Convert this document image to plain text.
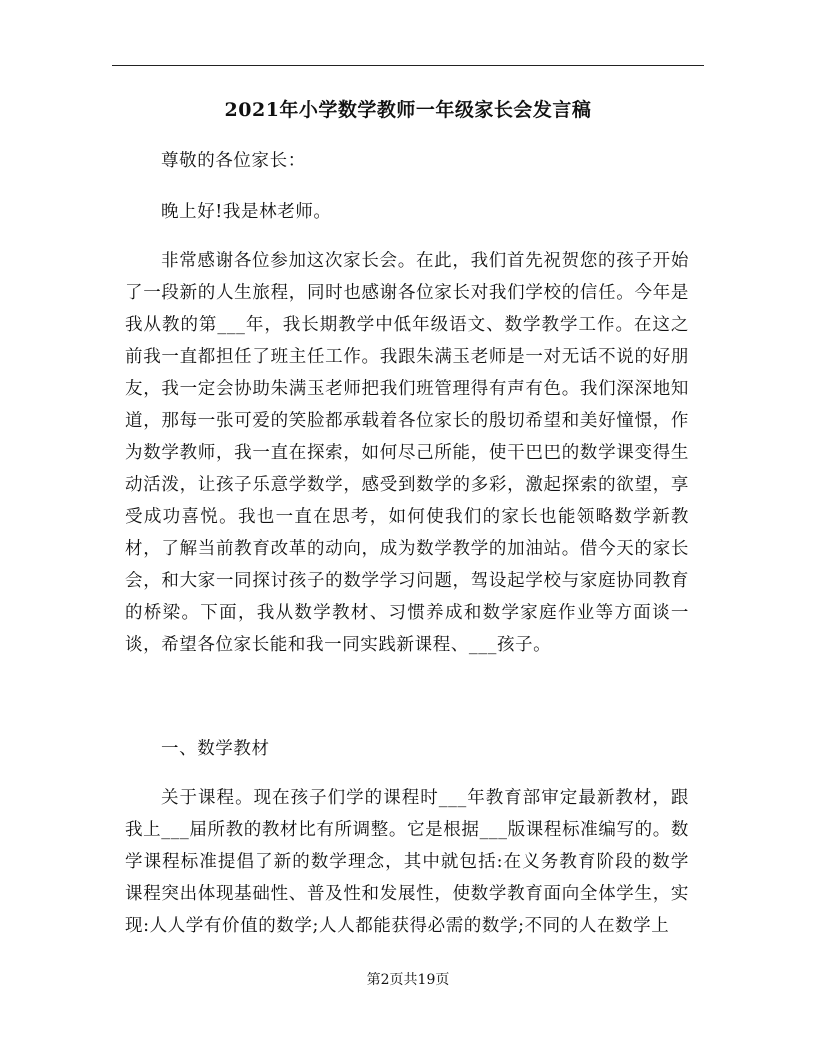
2021年小学数学教师一年级家长会发言稿

尊敬的各位家长：

晚上好!我是林老师。

非常感谢各位参加这次家长会。在此，我们首先祝贺您的孩子开始了一段新的人生旅程，同时也感谢各位家长对我们学校的信任。今年是我从教的第___年，我长期教学中低年级语文、数学教学工作。在这之前我一直都担任了班主任工作。我跟朱满玉老师是一对无话不说的好朋友，我一定会协助朱满玉老师把我们班管理得有声有色。我们深深地知道，那每一张可爱的笑脸都承载着各位家长的殷切希望和美好憧憬，作为数学教师，我一直在探索，如何尽己所能，使干巴巴的数学课变得生动活泼，让孩子乐意学数学，感受到数学的多彩，激起探索的欲望，享受成功喜悦。我也一直在思考，如何使我们的家长也能领略数学新教材，了解当前教育改革的动向，成为数学教学的加油站。借今天的家长会，和大家一同探讨孩子的数学学习问题，驾设起学校与家庭协同教育的桥梁。下面，我从数学教材、习惯养成和数学家庭作业等方面谈一谈，希望各位家长能和我一同实践新课程、___孩子。

一、数学教材

关于课程。现在孩子们学的课程时___年教育部审定最新教材，跟我上___届所教的教材比有所调整。它是根据___版课程标准编写的。数学课程标准提倡了新的数学理念，其中就包括:在义务教育阶段的数学课程突出体现基础性、普及性和发展性，使数学教育面向全体学生，实现:人人学有价值的数学;人人都能获得必需的数学;不同的人在数学上

第2页共19页
